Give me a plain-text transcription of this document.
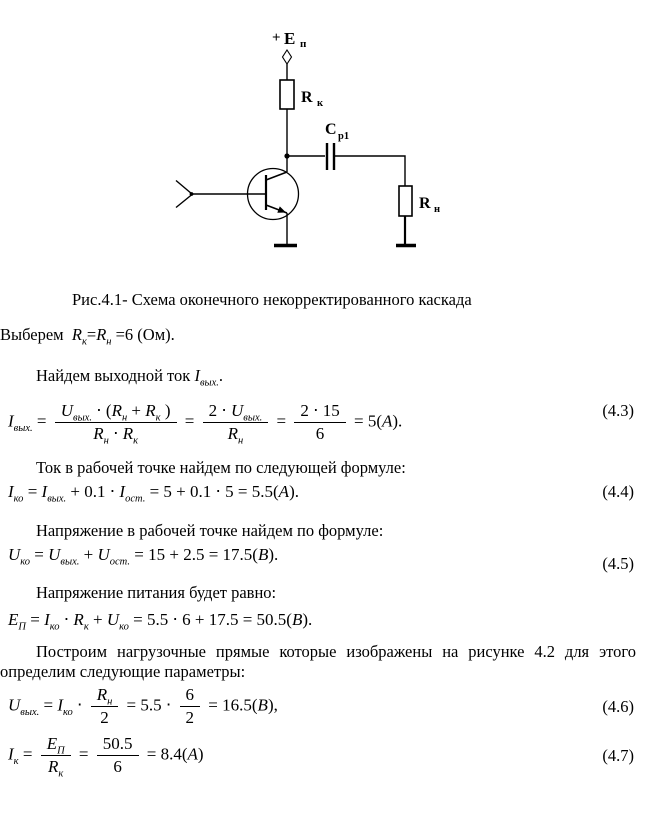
+ E п
R к
C р1
R н
Рис.4.1- Схема оконечного некорректированного каскада

Выберем  $R_к=R_н =6$ (Ом).

Найдем выходной ток $I_{вых.}$.

$I_{вых.} = \frac{U_{вых.} \cdot (R_н + R_к )}{R_н \cdot R_к} = \frac{2 \cdot U_{вых.}}{R_н} = \frac{2 \cdot 15}{6} = 5(А)$.
(4.3)

Ток в рабочей точке найдем по следующей формуле:

$I_{ко} = I_{вых.} + 0.1 \cdot I_{ост.} = 5 + 0.1 \cdot 5 = 5.5(А)$.	(4.4)

Напряжение в рабочей точке найдем по формуле:

$U_{ко} = U_{вых.} + U_{ост.} = 15 + 2.5 = 17.5(В)$.	(4.5)

Напряжение питания будет равно:

$E_П = I_{ко} \cdot R_к + U_{ко} = 5.5 \cdot 6 + 17.5 = 50.5(В)$.

Построим нагрузочные прямые которые изображены на рисунке 4.2 для этого определим следующие параметры:

$U_{вых.} = I_{ко} \cdot \frac{R_н}{2} = 5.5 \cdot \frac{6}{2} = 16.5(В)$,	(4.6)
$I_к = \frac{E_П}{R_к} = \frac{50.5}{6} = 8.4(А)$	(4.7)
